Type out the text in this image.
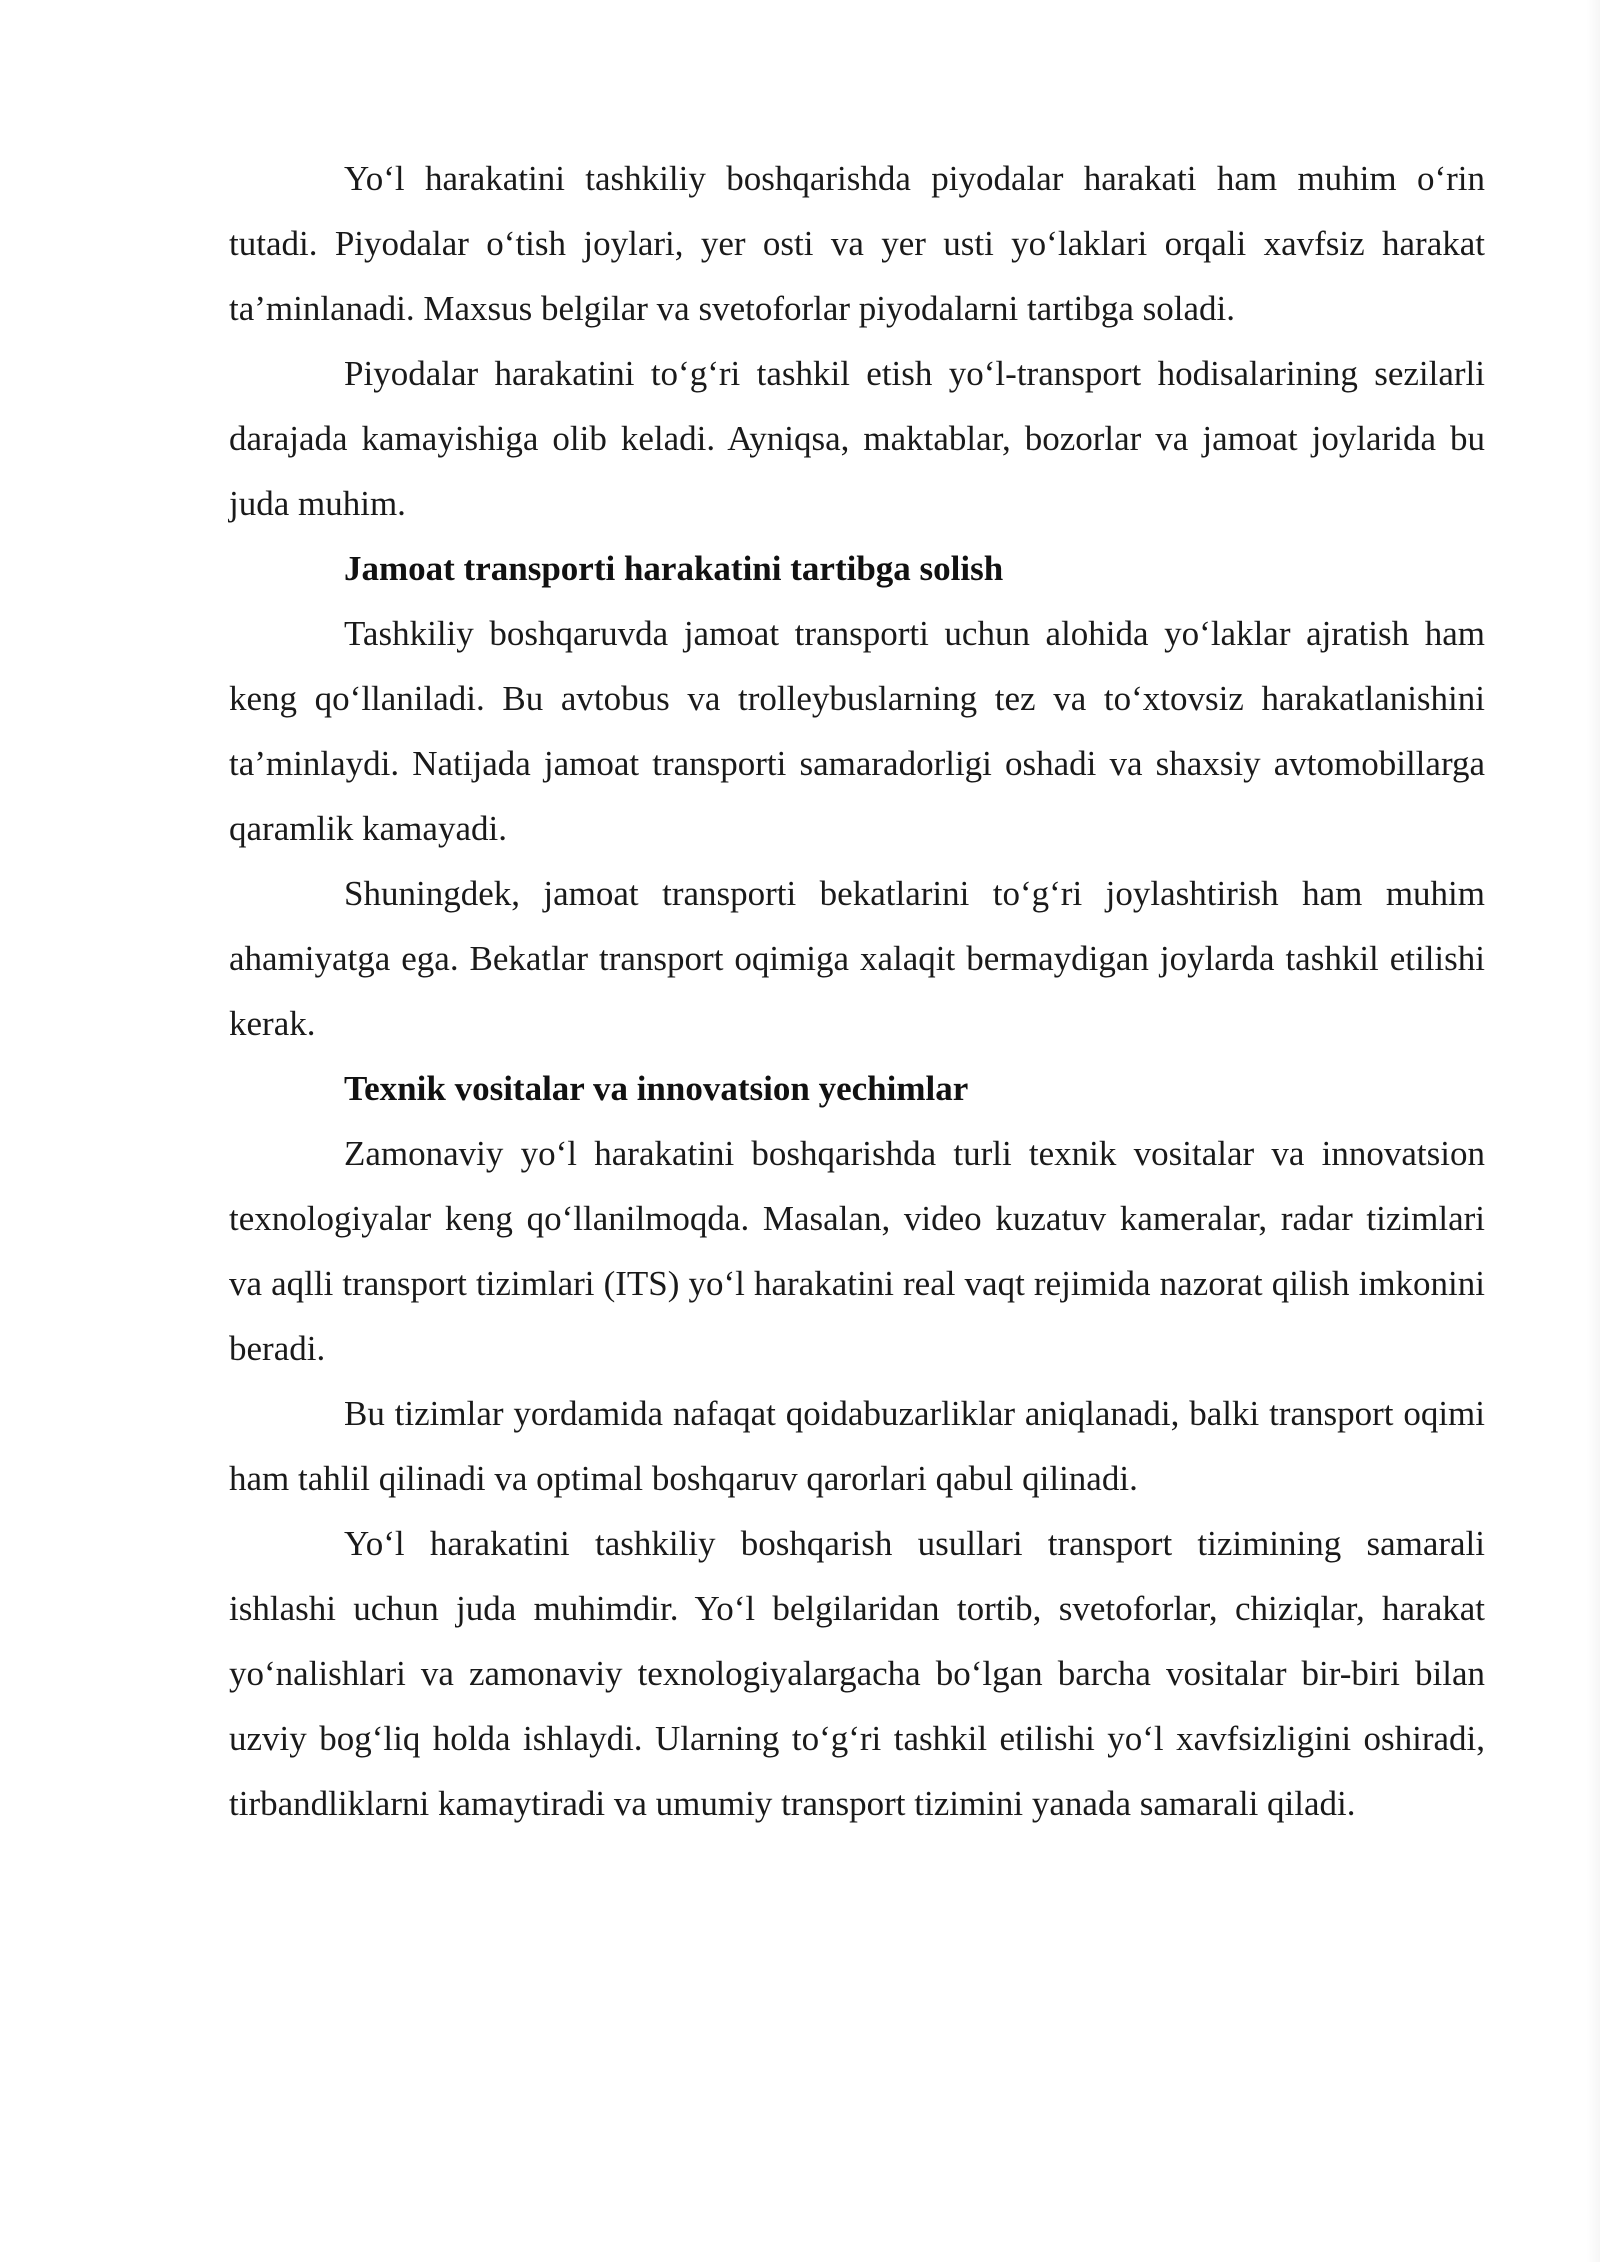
Yo‘l harakatini tashkiliy boshqarishda piyodalar harakati ham muhim o‘rin tutadi. Piyodalar o‘tish joylari, yer osti va yer usti yo‘laklari orqali xavfsiz harakat ta’minlanadi. Maxsus belgilar va svetoforlar piyodalarni tartibga soladi.

Piyodalar harakatini to‘g‘ri tashkil etish yo‘l-transport hodisalarining sezilarli darajada kamayishiga olib keladi. Ayniqsa, maktablar, bozorlar va jamoat joylarida bu juda muhim.

Jamoat transporti harakatini tartibga solish

Tashkiliy boshqaruvda jamoat transporti uchun alohida yo‘laklar ajratish ham keng qo‘llaniladi. Bu avtobus va trolleybuslarning tez va to‘xtovsiz harakatlanishini ta’minlaydi. Natijada jamoat transporti samaradorligi oshadi va shaxsiy avtomobillarga qaramlik kamayadi.

Shuningdek, jamoat transporti bekatlarini to‘g‘ri joylashtirish ham muhim ahamiyatga ega. Bekatlar transport oqimiga xalaqit bermaydigan joylarda tashkil etilishi kerak.

Texnik vositalar va innovatsion yechimlar

Zamonaviy yo‘l harakatini boshqarishda turli texnik vositalar va innovatsion texnologiyalar keng qo‘llanilmoqda. Masalan, video kuzatuv kameralar, radar tizimlari va aqlli transport tizimlari (ITS) yo‘l harakatini real vaqt rejimida nazorat qilish imkonini beradi.

Bu tizimlar yordamida nafaqat qoidabuzarliklar aniqlanadi, balki transport oqimi ham tahlil qilinadi va optimal boshqaruv qarorlari qabul qilinadi.

Yo‘l harakatini tashkiliy boshqarish usullari transport tizimining samarali ishlashi uchun juda muhimdir. Yo‘l belgilaridan tortib, svetoforlar, chiziqlar, harakat yo‘nalishlari va zamonaviy texnologiyalargacha bo‘lgan barcha vositalar bir-biri bilan uzviy bog‘liq holda ishlaydi. Ularning to‘g‘ri tashkil etilishi yo‘l xavfsizligini oshiradi, tirbandliklarni kamaytiradi va umumiy transport tizimini yanada samarali qiladi.
